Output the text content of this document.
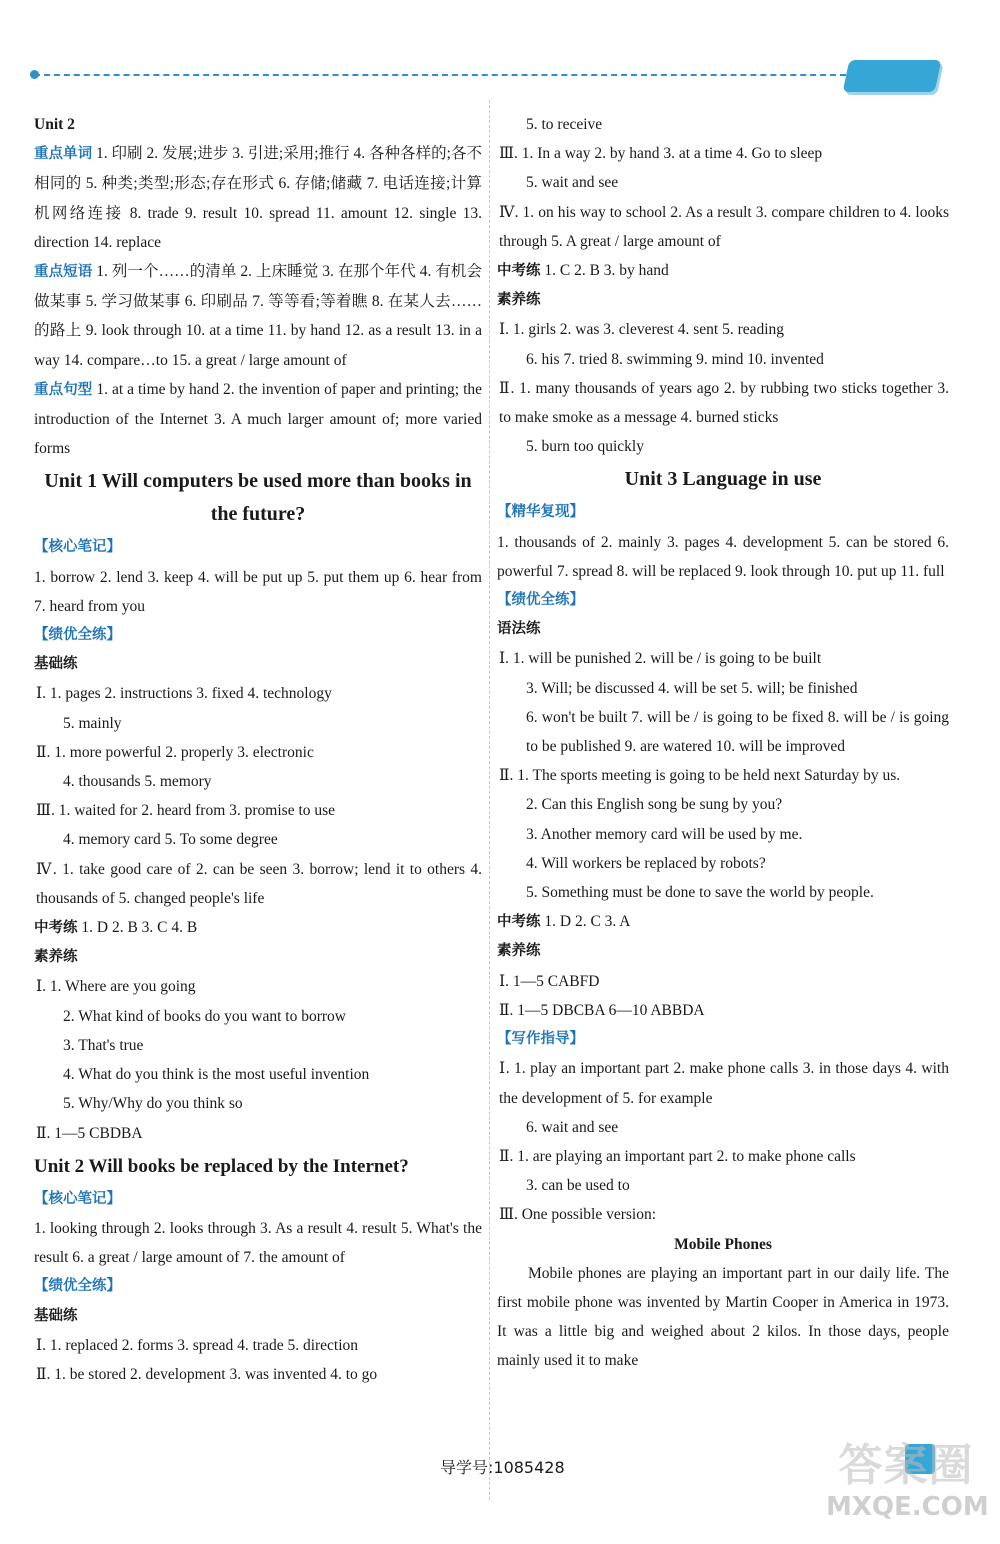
Unit 2
重点单词 1. 印刷 2. 发展;进步 3. 引进;采用;推行 4. 各种各样的;各不相同的 5. 种类;类型;形态;存在形式 6. 存储;储藏 7. 电话连接;计算机网络连接 8. trade 9. result 10. spread 11. amount 12. single 13. direction 14. replace
重点短语 1. 列一个……的清单 2. 上床睡觉 3. 在那个年代 4. 有机会做某事 5. 学习做某事 6. 印刷品 7. 等等看;等着瞧 8. 在某人去……的路上 9. look through 10. at a time 11. by hand 12. as a result 13. in a way 14. compare…to 15. a great / large amount of
重点句型 1. at a time by hand 2. the invention of paper and printing; the introduction of the Internet 3. A much larger amount of; more varied forms
Unit 1 Will computers be used more than books in the future?
【核心笔记】
1. borrow 2. lend 3. keep 4. will be put up 5. put them up 6. hear from 7. heard from you
【绩优全练】
基础练
Ⅰ. 1. pages 2. instructions 3. fixed 4. technology
5. mainly
Ⅱ. 1. more powerful 2. properly 3. electronic
4. thousands 5. memory
Ⅲ. 1. waited for 2. heard from 3. promise to use
4. memory card 5. To some degree
Ⅳ. 1. take good care of 2. can be seen 3. borrow; lend it to others 4. thousands of 5. changed people's life
中考练 1. D 2. B 3. C 4. B
素养练
Ⅰ. 1. Where are you going
2. What kind of books do you want to borrow
3. That's true
4. What do you think is the most useful invention
5. Why/Why do you think so
Ⅱ. 1—5 CBDBA
Unit 2 Will books be replaced by the Internet?
【核心笔记】
1. looking through 2. looks through 3. As a result 4. result 5. What's the result 6. a great / large amount of 7. the amount of
【绩优全练】
基础练
Ⅰ. 1. replaced 2. forms 3. spread 4. trade 5. direction
Ⅱ. 1. be stored 2. development 3. was invented 4. to go
5. to receive
Ⅲ. 1. In a way 2. by hand 3. at a time 4. Go to sleep
5. wait and see
Ⅳ. 1. on his way to school 2. As a result 3. compare children to 4. looks through 5. A great / large amount of
中考练 1. C 2. B 3. by hand
素养练
Ⅰ. 1. girls 2. was 3. cleverest 4. sent 5. reading
6. his 7. tried 8. swimming 9. mind 10. invented
Ⅱ. 1. many thousands of years ago 2. by rubbing two sticks together 3. to make smoke as a message 4. burned sticks
5. burn too quickly
Unit 3 Language in use
【精华复现】
1. thousands of 2. mainly 3. pages 4. development 5. can be stored 6. powerful 7. spread 8. will be replaced 9. look through 10. put up 11. full
【绩优全练】
语法练
Ⅰ. 1. will be punished 2. will be / is going to be built
3. Will; be discussed 4. will be set 5. will; be finished
6. won't be built 7. will be / is going to be fixed 8. will be / is going to be published 9. are watered 10. will be improved
Ⅱ. 1. The sports meeting is going to be held next Saturday by us.
2. Can this English song be sung by you?
3. Another memory card will be used by me.
4. Will workers be replaced by robots?
5. Something must be done to save the world by people.
中考练 1. D 2. C 3. A
素养练
Ⅰ. 1—5 CABFD
Ⅱ. 1—5 DBCBA 6—10 ABBDA
【写作指导】
Ⅰ. 1. play an important part 2. make phone calls 3. in those days 4. with the development of 5. for example
6. wait and see
Ⅱ. 1. are playing an important part 2. to make phone calls
3. can be used to
Ⅲ. One possible version:
Mobile Phones
Mobile phones are playing an important part in our daily life. The first mobile phone was invented by Martin Cooper in America in 1973. It was a little big and weighed about 2 kilos. In those days, people mainly used it to make
导学号:1085428	答案圈
MXQE.COM
